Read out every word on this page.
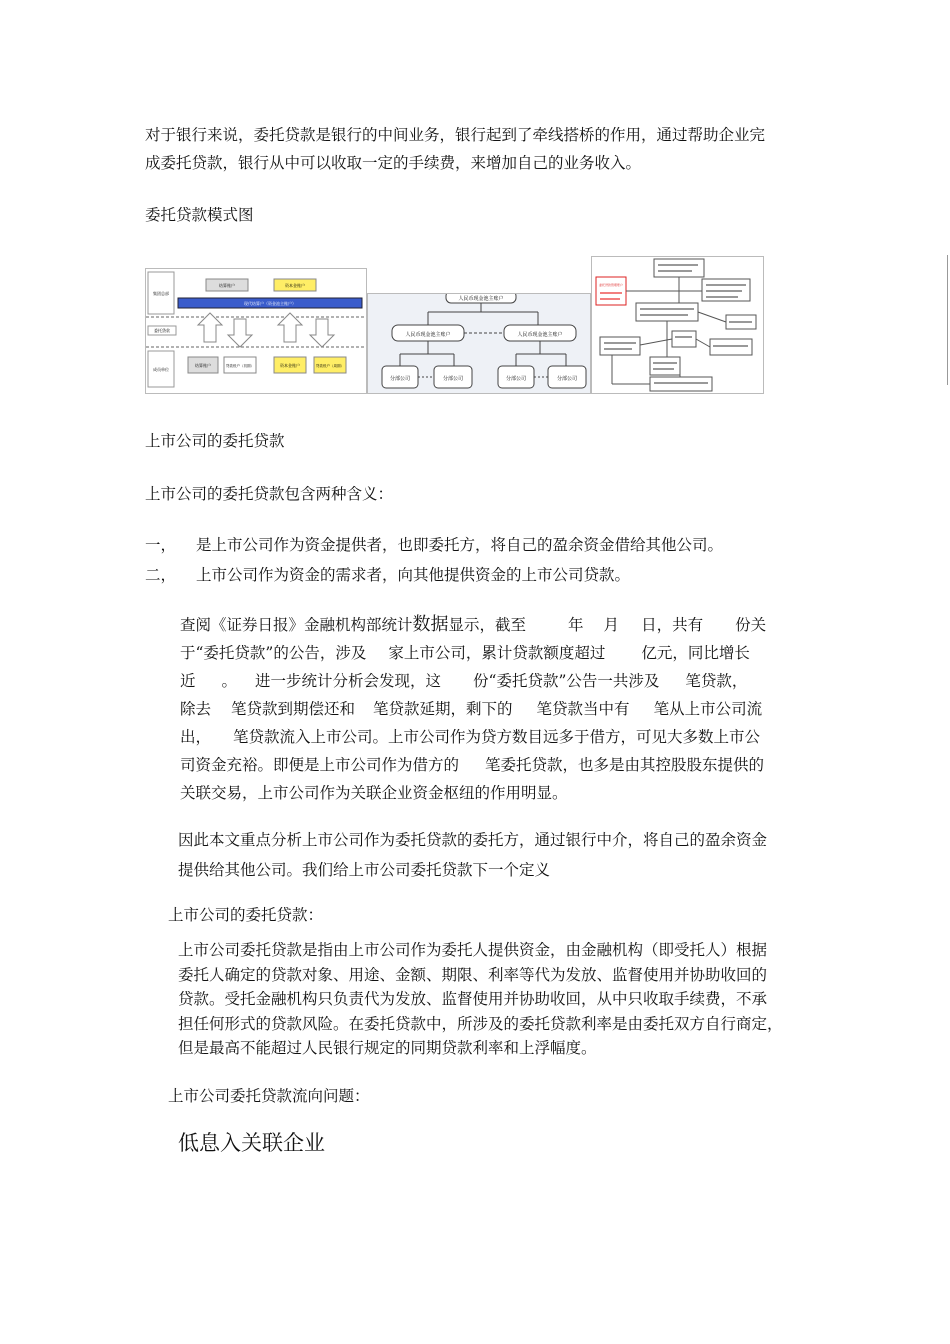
对于银行来说，委托贷款是银行的中间业务，银行起到了牵线搭桥的作用，通过帮助企业完

成委托贷款，银行从中可以收取一定的手续费，来增加自己的业务收入。

委托贷款模式图

集团总部
委托贷款
成员单位
结算账户	资本金账户
现代结算户（资金池主账户）
结算账户	贷款账户（初期）	资本金账户	贷款账户（周期）
人民币现金池主账户
人民币现金池主账户	人民币现金池主账户
分部公司	分部公司	分部公司	分部公司
委托贷款管理账户

上市公司的委托贷款

上市公司的委托贷款包含两种含义：

一， 是上市公司作为资金提供者，也即委托方，将自己的盈余资金借给其他公司。

二， 上市公司作为资金的需求者，向其他提供资金的上市公司贷款。

查阅《证券日报》金融机构部统计数据显示，截至	年 月 日，共有 份关
于“委托贷款”的公告，涉及 家上市公司，累计贷款额度超过 亿元，同比增长
近 。 进一步统计分析会发现，这 份“委托贷款”公告一共涉及 笔贷款，
除去 笔贷款到期偿还和 笔贷款延期，剩下的 笔贷款当中有 笔从上市公司流
出， 笔贷款流入上市公司。上市公司作为贷方数目远多于借方，可见大多数上市公
司资金充裕。即便是上市公司作为借方的 笔委托贷款，也多是由其控股股东提供的
关联交易，上市公司作为关联企业资金枢纽的作用明显。

因此本文重点分析上市公司作为委托贷款的委托方，通过银行中介，将自己的盈余资金

提供给其他公司。我们给上市公司委托贷款下一个定义

上市公司的委托贷款：

上市公司委托贷款是指由上市公司作为委托人提供资金，由金融机构（即受托人）根据
委托人确定的贷款对象、用途、金额、期限、利率等代为发放、监督使用并协助收回的
贷款。受托金融机构只负责代为发放、监督使用并协助收回，从中只收取手续费，不承
担任何形式的贷款风险。在委托贷款中，所涉及的委托贷款利率是由委托双方自行商定，
但是最高不能超过人民银行规定的同期贷款利率和上浮幅度。

上市公司委托贷款流向问题：

低息入关联企业
